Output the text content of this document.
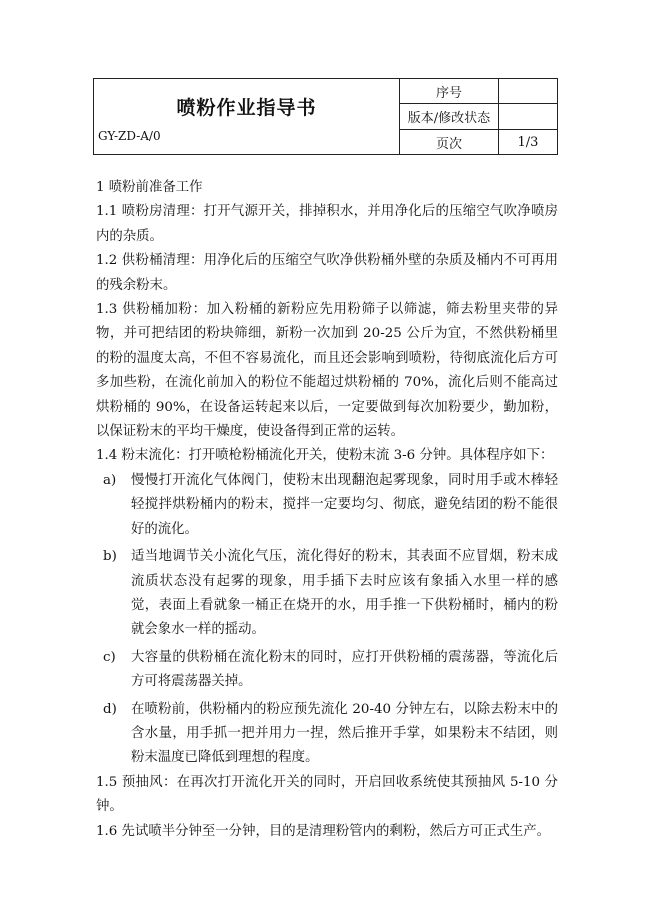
喷粉作业指导书
GY-ZD-A/0	序号	
	版本/修改状态	
	页次	1/3

1 喷粉前准备工作

1.1 喷粉房清理：打开气源开关，排掉积水，并用净化后的压缩空气吹净喷房内的杂质。

1.2 供粉桶清理：用净化后的压缩空气吹净供粉桶外壁的杂质及桶内不可再用的残余粉末。

1.3 供粉桶加粉：加入粉桶的新粉应先用粉筛子以筛滤，筛去粉里夹带的异物，并可把结团的粉块筛细，新粉一次加到 20-25 公斤为宜，不然供粉桶里的粉的温度太高，不但不容易流化，而且还会影响到喷粉，待彻底流化后方可多加些粉，在流化前加入的粉位不能超过烘粉桶的 70%，流化后则不能高过烘粉桶的 90%，在设备运转起来以后，一定要做到每次加粉要少，勤加粉，以保证粉末的平均干燥度，使设备得到正常的运转。

1.4 粉末流化：打开喷枪粉桶流化开关，使粉末流 3-6 分钟。具体程序如下：

a) 慢慢打开流化气体阀门，使粉末出现翻泡起雾现象，同时用手或木棒轻轻搅拌烘粉桶内的粉末，搅拌一定要均匀、彻底，避免结团的粉不能很好的流化。
b) 适当地调节关小流化气压，流化得好的粉末，其表面不应冒烟，粉末成流质状态没有起雾的现象，用手插下去时应该有象插入水里一样的感觉，表面上看就象一桶正在烧开的水，用手推一下供粉桶时，桶内的粉就会象水一样的摇动。
c) 大容量的供粉桶在流化粉末的同时，应打开供粉桶的震荡器，等流化后方可将震荡器关掉。
d) 在喷粉前，供粉桶内的粉应预先流化 20-40 分钟左右，以除去粉末中的含水量，用手抓一把并用力一捏，然后推开手掌，如果粉末不结团，则粉末温度已降低到理想的程度。

1.5 预抽风：在再次打开流化开关的同时，开启回收系统使其预抽风 5-10 分钟。

1.6 先试喷半分钟至一分钟，目的是清理粉管内的剩粉，然后方可正式生产。
